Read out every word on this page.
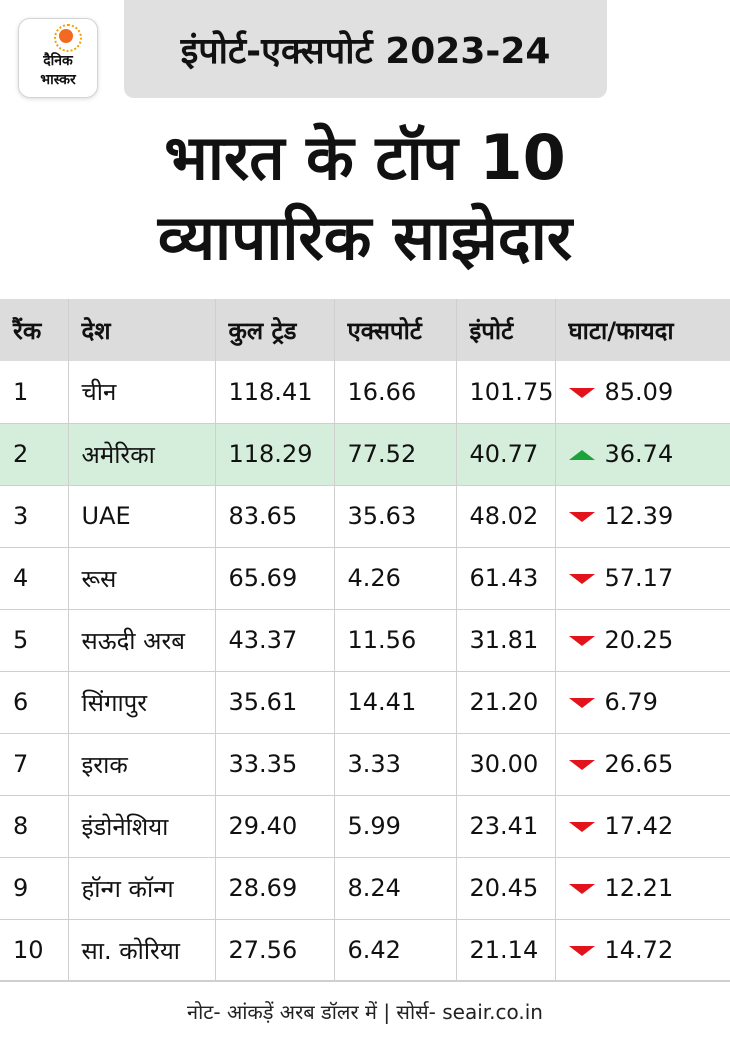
दैनिक
भास्कर
इंपोर्ट-एक्सपोर्ट 2023-24
भारत के टॉप 10
व्यापारिक साझेदार
रैंक	देश	कुल ट्रेड	एक्सपोर्ट	इंपोर्ट	घाटा/फायदा
1	चीन	118.41	16.66	101.75	85.09
2	अमेरिका	118.29	77.52	40.77	36.74
3	UAE	83.65	35.63	48.02	12.39
4	रूस	65.69	4.26	61.43	57.17
5	सऊदी अरब	43.37	11.56	31.81	20.25
6	सिंगापुर	35.61	14.41	21.20	6.79
7	इराक	33.35	3.33	30.00	26.65
8	इंडोनेशिया	29.40	5.99	23.41	17.42
9	हॉन्ग कॉन्ग	28.69	8.24	20.45	12.21
10	सा. कोरिया	27.56	6.42	21.14	14.72
नोट- आंकड़ें अरब डॉलर में | सोर्स- seair.co.in
